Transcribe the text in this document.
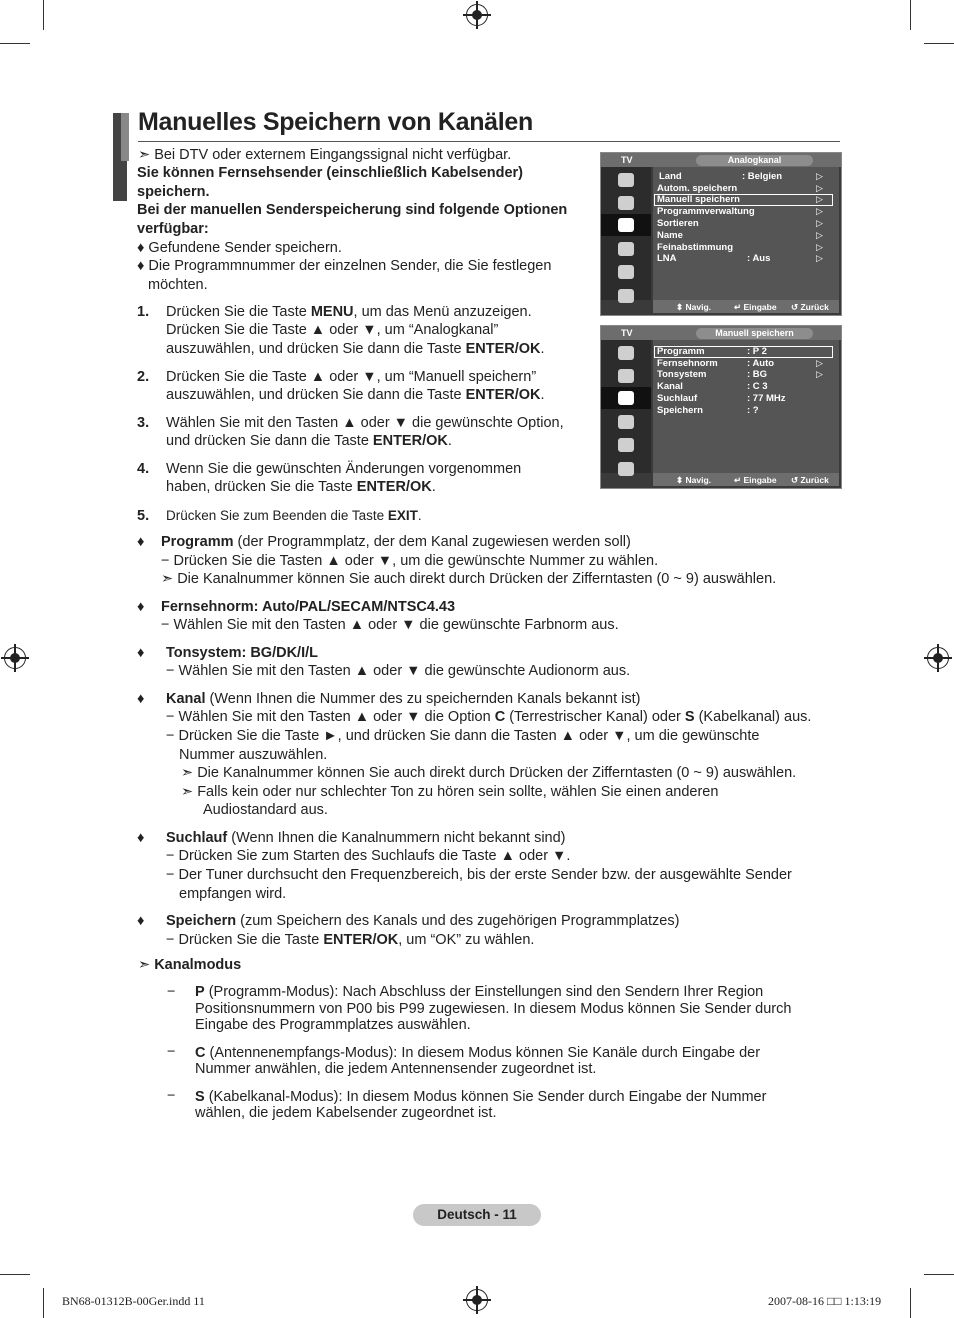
Manuelles Speichern von Kanälen
➣ Bei DTV oder externem Eingangssignal nicht verfügbar.
Sie können Fernsehsender (einschließlich Kabelsender)
speichern.
Bei der manuellen Senderspeicherung sind folgende Optionen
verfügbar:
♦ Gefundene Sender speichern.
♦ Die Programmnummer der einzelnen Sender, die Sie festlegen
möchten.
1. Drücken Sie die Taste MENU, um das Menü anzuzeigen.
Drücken Sie die Taste ▲ oder ▼, um “Analogkanal”
auszuwählen, und drücken Sie dann die Taste ENTER/OK.
2. Drücken Sie die Taste ▲ oder ▼, um “Manuell speichern”
auszuwählen, und drücken Sie dann die Taste ENTER/OK.
3. Wählen Sie mit den Tasten ▲ oder ▼ die gewünschte Option,
und drücken Sie dann die Taste ENTER/OK.
4. Wenn Sie die gewünschten Änderungen vorgenommen
haben, drücken Sie die Taste ENTER/OK.
5. Drücken Sie zum Beenden die Taste EXIT.
TV	Analogkanal
Land	: Belgien	▷
Autom. speichern	▷
Manuell speichern	▷
Programmverwaltung	▷
Sortieren	▷
Name	▷
Feinabstimmung	▷
LNA	: Aus	▷
⬍ Navig.	↵ Eingabe ↺ Zurück
TV	Manuell speichern
Programm	: P 2
Fernsehnorm	: Auto	▷
Tonsystem	: BG	▷
Kanal	: C 3
Suchlauf	: 77 MHz
Speichern	: ?
⬍ Navig.	↵ Eingabe ↺ Zurück
♦ Programm (der Programmplatz, der dem Kanal zugewiesen werden soll)
− Drücken Sie die Tasten ▲ oder ▼, um die gewünschte Nummer zu wählen.
➣ Die Kanalnummer können Sie auch direkt durch Drücken der Zifferntasten (0 ~ 9) auswählen.
♦ Fernsehnorm: Auto/PAL/SECAM/NTSC4.43
− Wählen Sie mit den Tasten ▲ oder ▼ die gewünschte Farbnorm aus.
♦ Tonsystem: BG/DK/I/L
− Wählen Sie mit den Tasten ▲ oder ▼ die gewünschte Audionorm aus.
♦ Kanal (Wenn Ihnen die Nummer des zu speichernden Kanals bekannt ist)
− Wählen Sie mit den Tasten ▲ oder ▼ die Option C (Terrestrischer Kanal) oder S (Kabelkanal) aus.
− Drücken Sie die Taste ►, und drücken Sie dann die Tasten ▲ oder ▼, um die gewünschte
Nummer auszuwählen.
➣ Die Kanalnummer können Sie auch direkt durch Drücken der Zifferntasten (0 ~ 9) auswählen.
➣ Falls kein oder nur schlechter Ton zu hören sein sollte, wählen Sie einen anderen
Audiostandard aus.
♦ Suchlauf (Wenn Ihnen die Kanalnummern nicht bekannt sind)
− Drücken Sie zum Starten des Suchlaufs die Taste ▲ oder ▼.
− Der Tuner durchsucht den Frequenzbereich, bis der erste Sender bzw. der ausgewählte Sender
empfangen wird.
♦ Speichern (zum Speichern des Kanals und des zugehörigen Programmplatzes)
− Drücken Sie die Taste ENTER/OK, um “OK” zu wählen.
➣ Kanalmodus
− P (Programm-Modus): Nach Abschluss der Einstellungen sind den Sendern Ihrer Region
Positionsnummern von P00 bis P99 zugewiesen. In diesem Modus können Sie Sender durch
Eingabe des Programmplatzes auswählen.
− C (Antennenempfangs-Modus): In diesem Modus können Sie Kanäle durch Eingabe der
Nummer anwählen, die jedem Antennensender zugeordnet ist.
− S (Kabelkanal-Modus): In diesem Modus können Sie Sender durch Eingabe der Nummer
wählen, die jedem Kabelsender zugeordnet ist.
Deutsch - 11
BN68-01312B-00Ger.indd 11	2007-08-16 □□ 1:13:19
